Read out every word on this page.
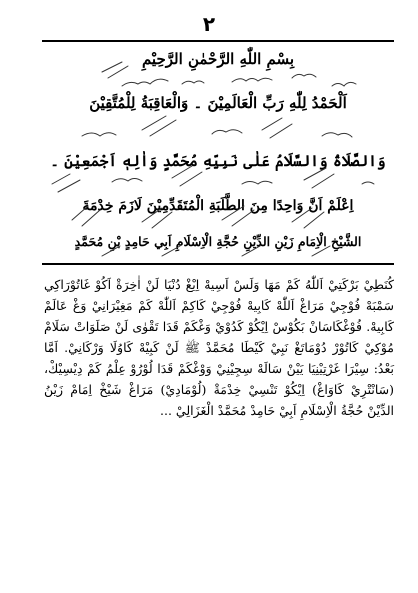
٢
بِسْمِ اللّٰهِ الرَّحْمٰنِ الرَّحِيْمِ
اَلْحَمْدُ لِلّٰهِ رَبِّ الْعَالَمِيْنَ ۔ وَالْعَاقِبَةُ لِلْمُتَّقِيْنَ
وَالصَّلَاةُ وَالسَّلَامُ عَلٰى نَبِيِّهِ مُحَمَّدٍ وَاٰلِهٖ اَجْمَعِيْنَ ۔
اِعْلَمْ اَنَّ وَاحِدًا مِنَ الطَّلَبَةِ الْمُتَقَدِّمِيْنَ لَازَمَ خِدْمَةَ
الشَّيْخِ الْاِمَامِ زَيْنِ الدِّيْنِ حُجَّةِ الْاِسْلَامِ اَبِي حَامِدٍ بْنِ مُحَمَّدٍ

كُنَطِيْ بَرْكَتِيْ اَللّٰهُ كَمْ مَهَا وَلَسْ اَسِيهْ اِيْغْ دُنْيَا لَنْ اٰخِرَةْ اَكُوْ غَاتُوْرَاكِي سَمْبَهْ فُوْجِيْ مَرَاغْ اَللّٰهْ كَابِيهْ فُوْجِيْ كَاكِمْ اَللّٰهْ كَمْ مَغِيْرَانِيْ وَغْ عَالَمْ كَابِيهْ. فُوْغْكَاسَانْ بَكُوْسْ اِيْكُوْ كَدُوْيْ وَغْكَمْ قَدَا تَقْوٰى لَنْ صَلَوَاتْ سَلَامْ مُوْكِيْ كَاتُوْرْ دُوْمَاتَغْ نَبِيْ كَيْطَا مُحَمَّدْ ﷺ لَنْ كَبِيْهْ كَاوُلَا وَرْكَانِيْ. اَمَّا بَعْدُ: سِيْرَا غَرْتِيْنِيَا يَيْنْ سَالَهْ سِجِيْنِيْ وَوْغْكَمْ قَدَا لُوْرُوْ عِلْمُ كَمْ دِيْسِيْكْ، (سَانْتْرِيْ كَاوَاغْ) اِيْكُوْ تَنْسِيْ خِدْمَةْ (لُوْمَادِيْ) مَرَاغْ شَيْخْ اِمَامْ زَيْنُ الدِّيْنْ حُجَّةُ الْاِسْلَامِ اَبِيْ حَامِدْ مُحَمَّدْ الْغَزَالِيْ ...
